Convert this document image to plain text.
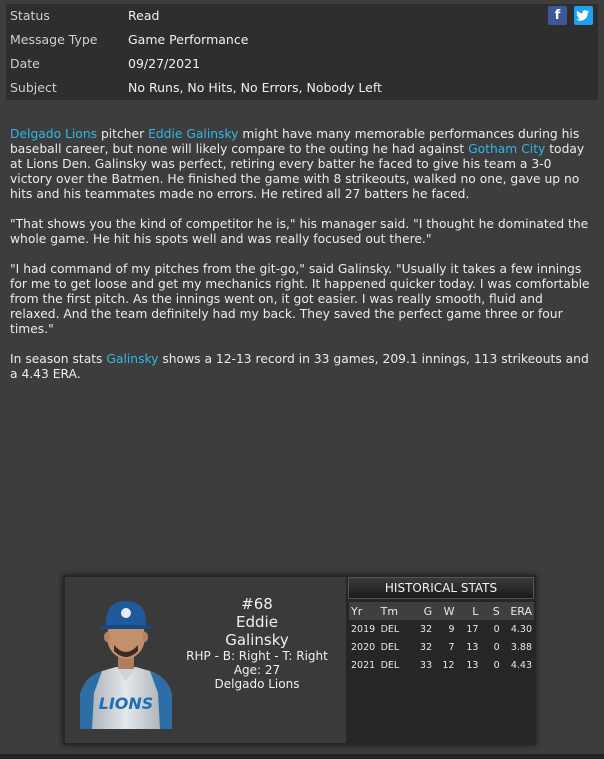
Status	Read
Message Type Game Performance
Date	09/27/2021
Subject	No Runs, No Hits, No Errors, Nobody Left
f

Delgado Lions pitcher Eddie Galinsky might have many memorable performances during his baseball career, but none will likely compare to the outing he had against Gotham City today at Lions Den. Galinsky was perfect, retiring every batter he faced to give his team a 3-0 victory over the Batmen. He finished the game with 8 strikeouts, walked no one, gave up no hits and his teammates made no errors. He retired all 27 batters he faced.

"That shows you the kind of competitor he is," his manager said. "I thought he dominated the whole game. He hit his spots well and was really focused out there."

"I had command of my pitches from the git-go," said Galinsky. "Usually it takes a few innings for me to get loose and get my mechanics right. It happened quicker today. I was comfortable from the first pitch. As the innings went on, it got easier. I was really smooth, fluid and relaxed. And the team definitely had my back. They saved the perfect game three or four times."

In season stats Galinsky shows a 12-13 record in 33 games, 209.1 innings, 113 strikeouts and a 4.43 ERA.

LIONS
#68
Eddie
Galinsky
RHP - B: Right - T: Right
Age: 27
Delgado Lions
HISTORICAL STATS
Yr	Tm	G	W	L	S	ERA
2019	DEL	32	9	17	0	4.30
2020	DEL	32	7	13	0	3.88
2021	DEL	33	12	13	0	4.43
